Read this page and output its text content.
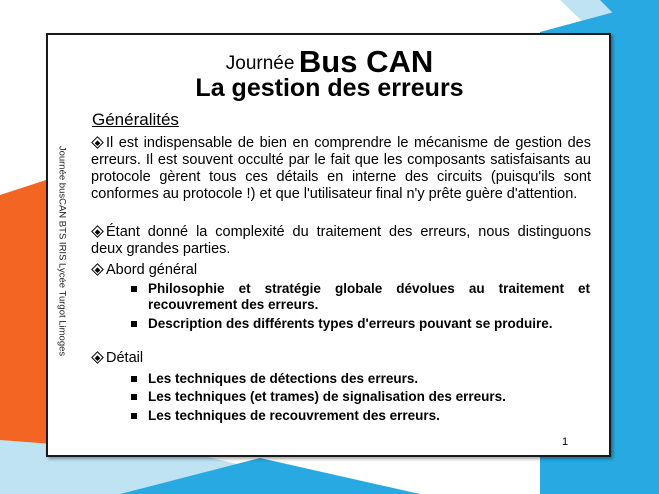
Journée busCAN BTS IRIS Lycée Turgot Limoges
Journée Bus CAN
La gestion des erreurs
Généralités
Il est indispensable de bien en comprendre le mécanisme de gestion des erreurs. Il est souvent occulté par le fait que les composants satisfaisants au protocole gèrent tous ces détails en interne des circuits (puisqu'ils sont conformes au protocole !) et que l'utilisateur final n'y prête guère d'attention.
Étant donné la complexité du traitement des erreurs, nous distinguons deux grandes parties.
Abord général
Philosophie et stratégie globale dévolues au traitement et recouvrement des erreurs.
Description des différents types d'erreurs pouvant se produire.
Détail
Les techniques de détections des erreurs.
Les techniques (et trames) de signalisation des erreurs.
Les techniques de recouvrement des erreurs.
1
